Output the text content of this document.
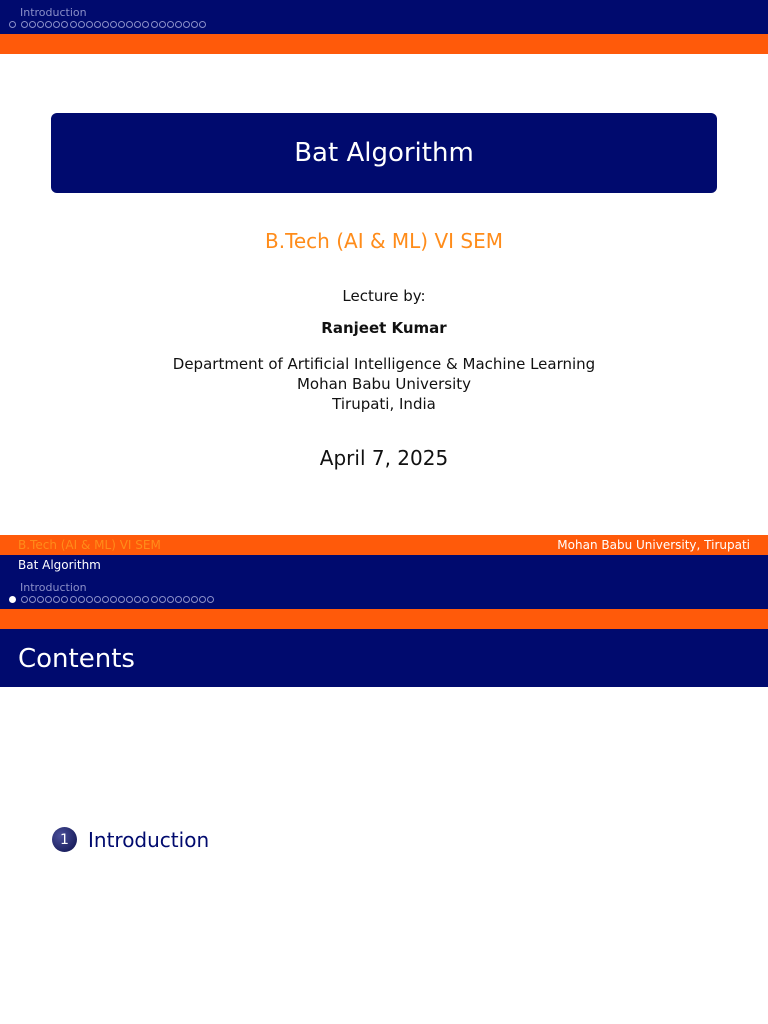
Introduction
Bat Algorithm
B.Tech (AI & ML) VI SEM
Lecture by:
Ranjeet Kumar
Department of Artificial Intelligence & Machine Learning
Mohan Babu University
Tirupati, India
April 7, 2025
B.Tech (AI & ML) VI SEM	Mohan Babu University, Tirupati
Bat Algorithm
Introduction
Contents
1 Introduction
